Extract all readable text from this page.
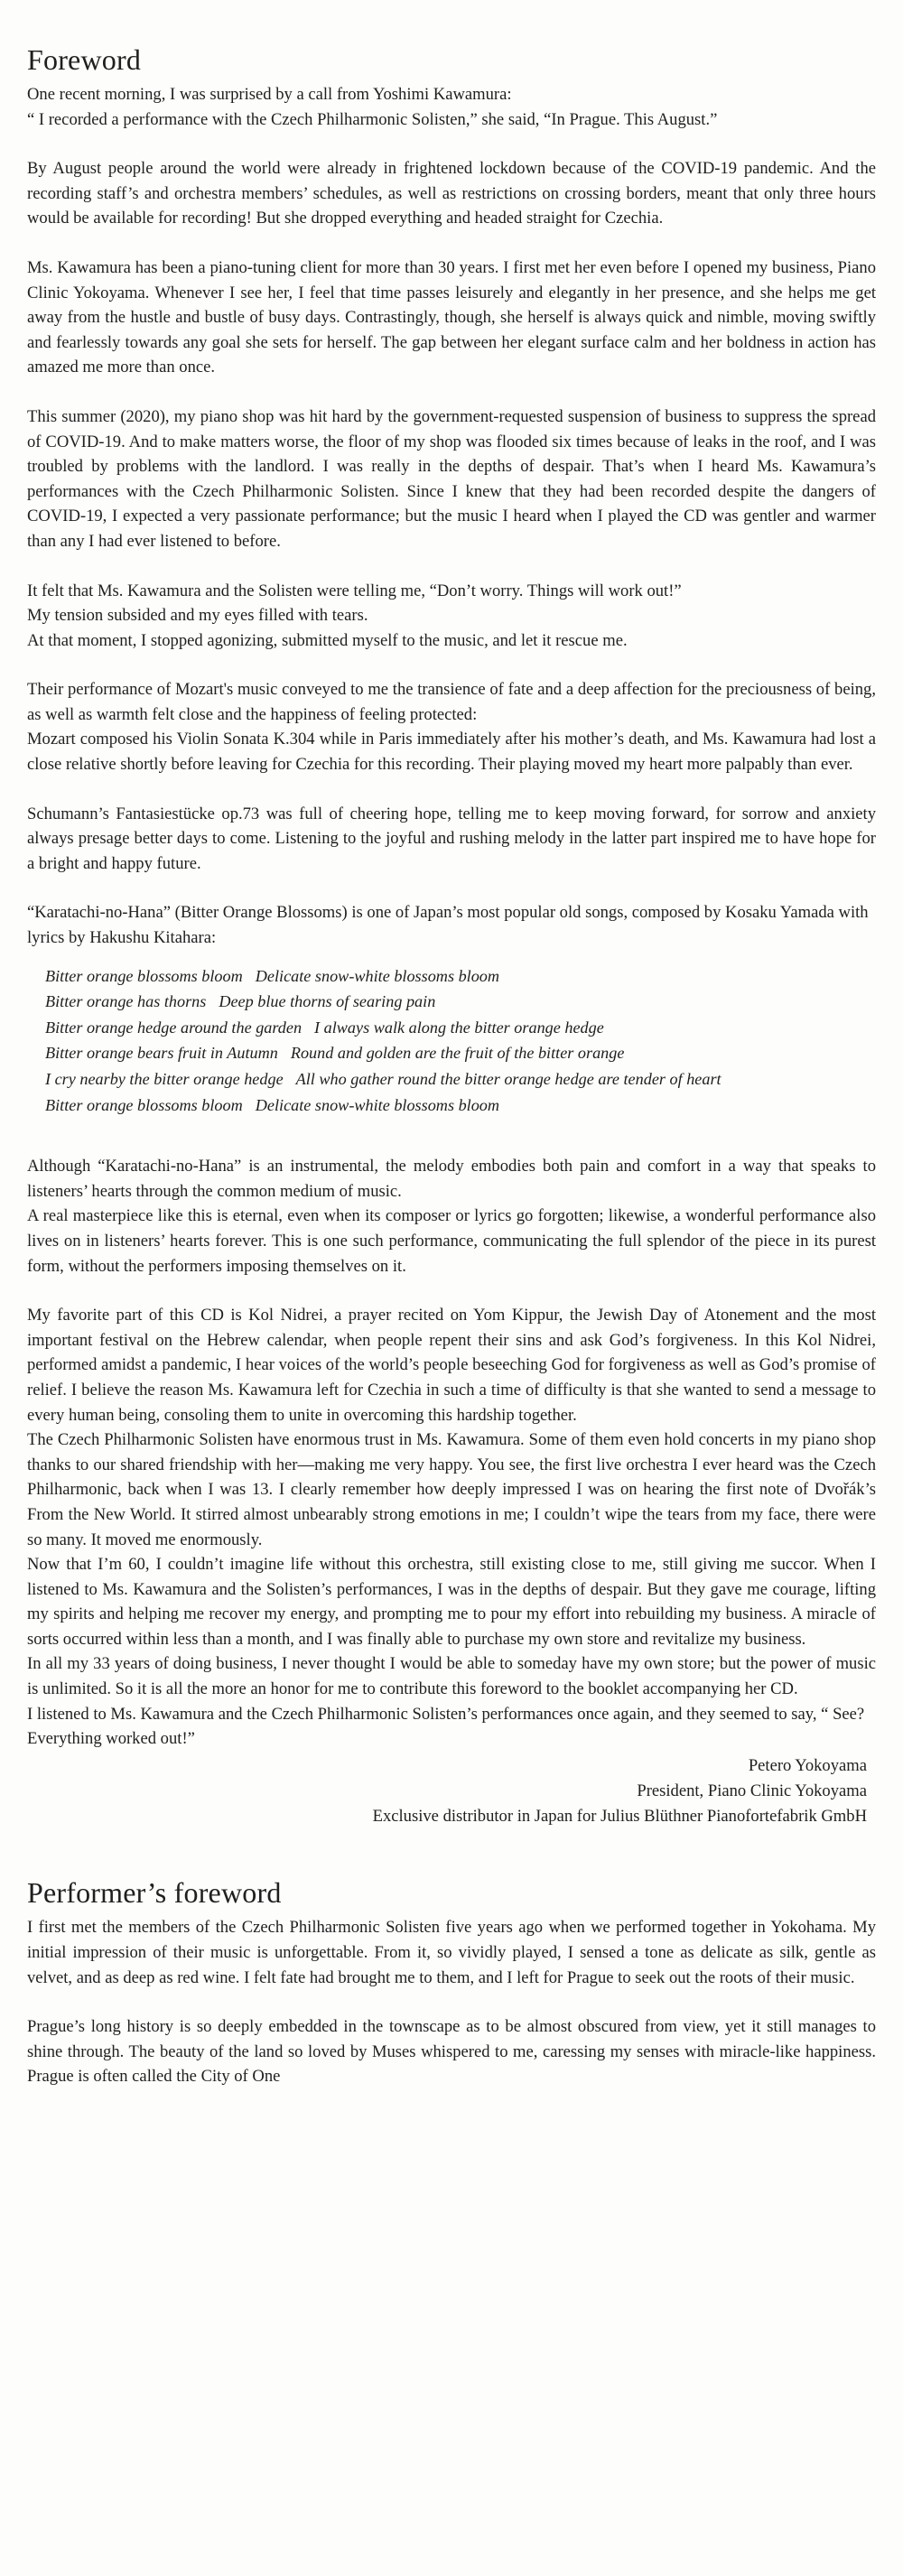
Foreword

One recent morning, I was surprised by a call from Yoshimi Kawamura:

“ I recorded a performance with the Czech Philharmonic Solisten,” she said, “In Prague. This August.”

By August people around the world were already in frightened lockdown because of the COVID-19 pandemic. And the recording staff’s and orchestra members’ schedules, as well as restrictions on crossing borders, meant that only three hours would be available for recording! But she dropped everything and headed straight for Czechia.

Ms. Kawamura has been a piano-tuning client for more than 30 years. I first met her even before I opened my business, Piano Clinic Yokoyama. Whenever I see her, I feel that time passes leisurely and elegantly in her presence, and she helps me get away from the hustle and bustle of busy days. Contrastingly, though, she herself is always quick and nimble, moving swiftly and fearlessly towards any goal she sets for herself. The gap between her elegant surface calm and her boldness in action has amazed me more than once.

This summer (2020), my piano shop was hit hard by the government-requested suspension of business to suppress the spread of COVID-19. And to make matters worse, the floor of my shop was flooded six times because of leaks in the roof, and I was troubled by problems with the landlord. I was really in the depths of despair. That’s when I heard Ms. Kawamura’s performances with the Czech Philharmonic Solisten. Since I knew that they had been recorded despite the dangers of COVID-19, I expected a very passionate performance; but the music I heard when I played the CD was gentler and warmer than any I had ever listened to before.

It felt that Ms. Kawamura and the Solisten were telling me, “Don’t worry. Things will work out!”

My tension subsided and my eyes filled with tears.

At that moment, I stopped agonizing, submitted myself to the music, and let it rescue me.

Their performance of Mozart's music conveyed to me the transience of fate and a deep affection for the preciousness of being, as well as warmth felt close and the happiness of feeling protected:

Mozart composed his Violin Sonata K.304 while in Paris immediately after his mother’s death, and Ms. Kawamura had lost a close relative shortly before leaving for Czechia for this recording. Their playing moved my heart more palpably than ever.

Schumann’s Fantasiestücke op.73 was full of cheering hope, telling me to keep moving forward, for sorrow and anxiety always presage better days to come. Listening to the joyful and rushing melody in the latter part inspired me to have hope for a bright and happy future.

“Karatachi-no-Hana” (Bitter Orange Blossoms) is one of Japan’s most popular old songs, composed by Kosaku Yamada with lyrics by Hakushu Kitahara:

Bitter orange blossoms bloom Delicate snow-white blossoms bloom
Bitter orange has thorns Deep blue thorns of searing pain
Bitter orange hedge around the garden I always walk along the bitter orange hedge
Bitter orange bears fruit in Autumn Round and golden are the fruit of the bitter orange
I cry nearby the bitter orange hedge All who gather round the bitter orange hedge are tender of heart
Bitter orange blossoms bloom Delicate snow-white blossoms bloom

Although “Karatachi-no-Hana” is an instrumental, the melody embodies both pain and comfort in a way that speaks to listeners’ hearts through the common medium of music.

A real masterpiece like this is eternal, even when its composer or lyrics go forgotten; likewise, a wonderful performance also lives on in listeners’ hearts forever. This is one such performance, communicating the full splendor of the piece in its purest form, without the performers imposing themselves on it.

My favorite part of this CD is Kol Nidrei, a prayer recited on Yom Kippur, the Jewish Day of Atonement and the most important festival on the Hebrew calendar, when people repent their sins and ask God’s forgiveness. In this Kol Nidrei, performed amidst a pandemic, I hear voices of the world’s people beseeching God for forgiveness as well as God’s promise of relief. I believe the reason Ms. Kawamura left for Czechia in such a time of difficulty is that she wanted to send a message to every human being, consoling them to unite in overcoming this hardship together.

The Czech Philharmonic Solisten have enormous trust in Ms. Kawamura. Some of them even hold concerts in my piano shop thanks to our shared friendship with her—making me very happy. You see, the first live orchestra I ever heard was the Czech Philharmonic, back when I was 13. I clearly remember how deeply impressed I was on hearing the first note of Dvořák’s From the New World. It stirred almost unbearably strong emotions in me; I couldn’t wipe the tears from my face, there were so many. It moved me enormously.

Now that I’m 60, I couldn’t imagine life without this orchestra, still existing close to me, still giving me succor. When I listened to Ms. Kawamura and the Solisten’s performances, I was in the depths of despair. But they gave me courage, lifting my spirits and helping me recover my energy, and prompting me to pour my effort into rebuilding my business. A miracle of sorts occurred within less than a month, and I was finally able to purchase my own store and revitalize my business.

In all my 33 years of doing business, I never thought I would be able to someday have my own store; but the power of music is unlimited. So it is all the more an honor for me to contribute this foreword to the booklet accompanying her CD.

I listened to Ms. Kawamura and the Czech Philharmonic Solisten’s performances once again, and they seemed to say, “ See? Everything worked out!”

Petero Yokoyama
President, Piano Clinic Yokoyama
Exclusive distributor in Japan for Julius Blüthner Pianofortefabrik GmbH
Performer’s foreword

I first met the members of the Czech Philharmonic Solisten five years ago when we performed together in Yokohama. My initial impression of their music is unforgettable. From it, so vividly played, I sensed a tone as delicate as silk, gentle as velvet, and as deep as red wine. I felt fate had brought me to them, and I left for Prague to seek out the roots of their music.

Prague’s long history is so deeply embedded in the townscape as to be almost obscured from view, yet it still manages to shine through. The beauty of the land so loved by Muses whispered to me, caressing my senses with miracle-like happiness. Prague is often called the City of One
